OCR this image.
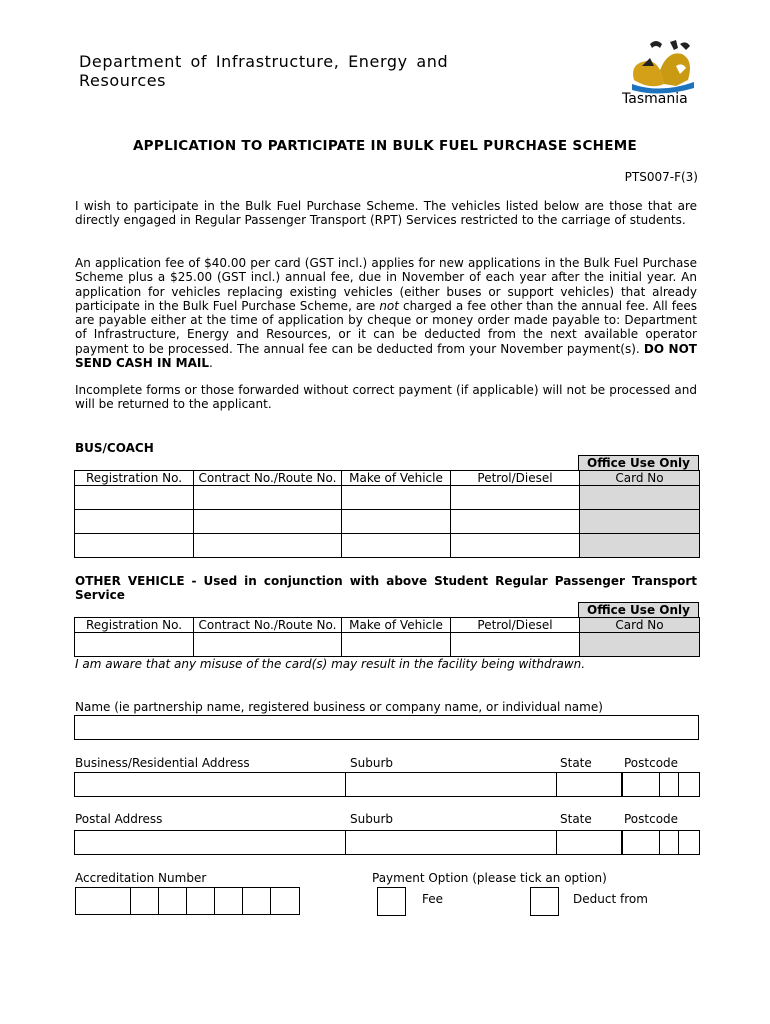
Department of Infrastructure, Energy and Resources
Tasmania
APPLICATION TO PARTICIPATE IN BULK FUEL PURCHASE SCHEME
PTS007-F(3)
I wish to participate in the Bulk Fuel Purchase Scheme. The vehicles listed below are those that are directly engaged in Regular Passenger Transport (RPT) Services restricted to the carriage of students.
An application fee of $40.00 per card (GST incl.) applies for new applications in the Bulk Fuel Purchase Scheme plus a $25.00 (GST incl.) annual fee, due in November of each year after the initial year. An application for vehicles replacing existing vehicles (either buses or support vehicles) that already participate in the Bulk Fuel Purchase Scheme, are not charged a fee other than the annual fee. All fees are payable either at the time of application by cheque or money order made payable to: Department of Infrastructure, Energy and Resources, or it can be deducted from the next available operator payment to be processed. The annual fee can be deducted from your November payment(s). DO NOT SEND CASH IN MAIL.
Incomplete forms or those forwarded without correct payment (if applicable) will not be processed and will be returned to the applicant.
BUS/COACH
Office Use Only
Registration No.	Contract No./Route No.	Make of Vehicle	Petrol/Diesel	Card No

OTHER VEHICLE - Used in conjunction with above Student Regular Passenger Transport Service
Office Use Only
Registration No.	Contract No./Route No.	Make of Vehicle	Petrol/Diesel	Card No

I am aware that any misuse of the card(s) may result in the facility being withdrawn.
Name (ie partnership name, registered business or company name, or individual name)
Business/Residential Address	Suburb	State	Postcode
Postal Address	Suburb	State	Postcode
Accreditation Number	Payment Option (please tick an option)
Fee	Deduct from
